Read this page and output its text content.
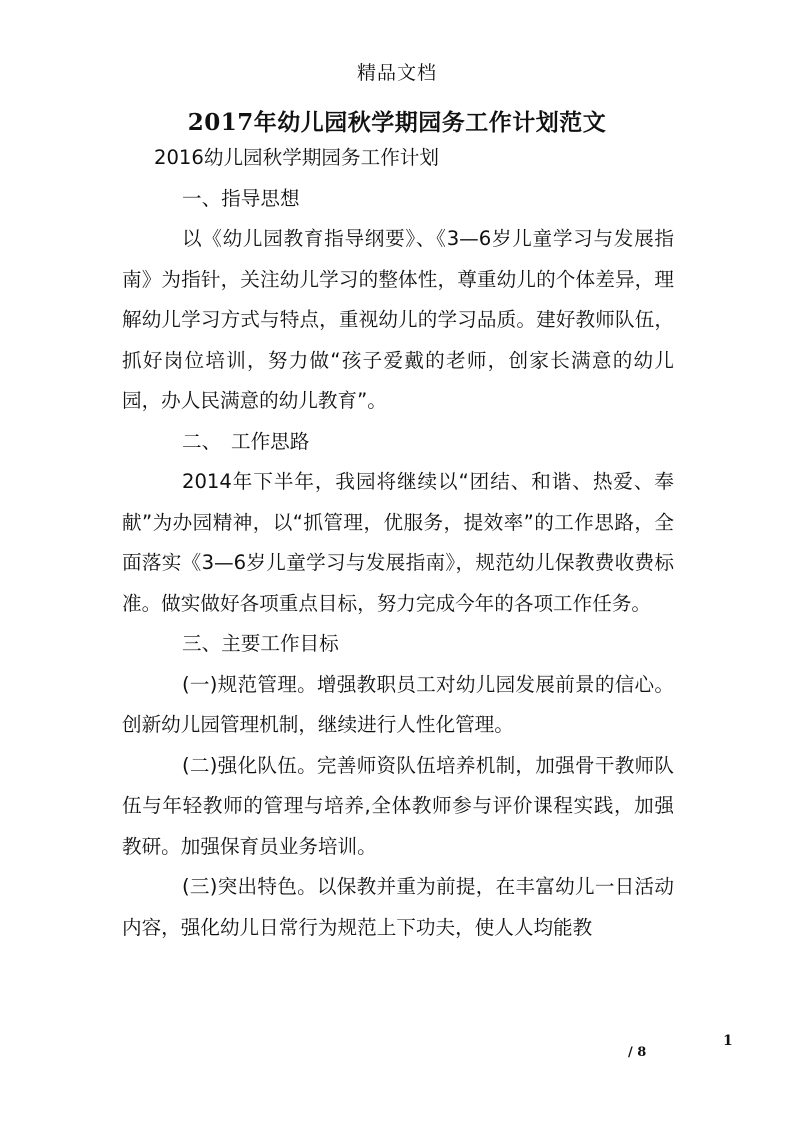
精品文档
2017年幼儿园秋学期园务工作计划范文

2016幼儿园秋学期园务工作计划

一、指导思想

以《幼儿园教育指导纲要》、《3—6岁儿童学习与发展指南》为指针，关注幼儿学习的整体性，尊重幼儿的个体差异，理解幼儿学习方式与特点，重视幼儿的学习品质。建好教师队伍，抓好岗位培训，努力做“孩子爱戴的老师，创家长满意的幼儿园，办人民满意的幼儿教育”。

二、　工作思路

2014年下半年，我园将继续以“团结、和谐、热爱、奉献”为办园精神，以“抓管理，优服务，提效率”的工作思路，全面落实《3—6岁儿童学习与发展指南》，规范幼儿保教费收费标准。做实做好各项重点目标，努力完成今年的各项工作任务。

三、主要工作目标

(一)规范管理。增强教职员工对幼儿园发展前景的信心。创新幼儿园管理机制，继续进行人性化管理。

(二)强化队伍。完善师资队伍培养机制，加强骨干教师队伍与年轻教师的管理与培养,全体教师参与评价课程实践，加强教研。加强保育员业务培训。

(三)突出特色。以保教并重为前提，在丰富幼儿一日活动内容，强化幼儿日常行为规范上下功夫，使人人均能教

1
/ 8
